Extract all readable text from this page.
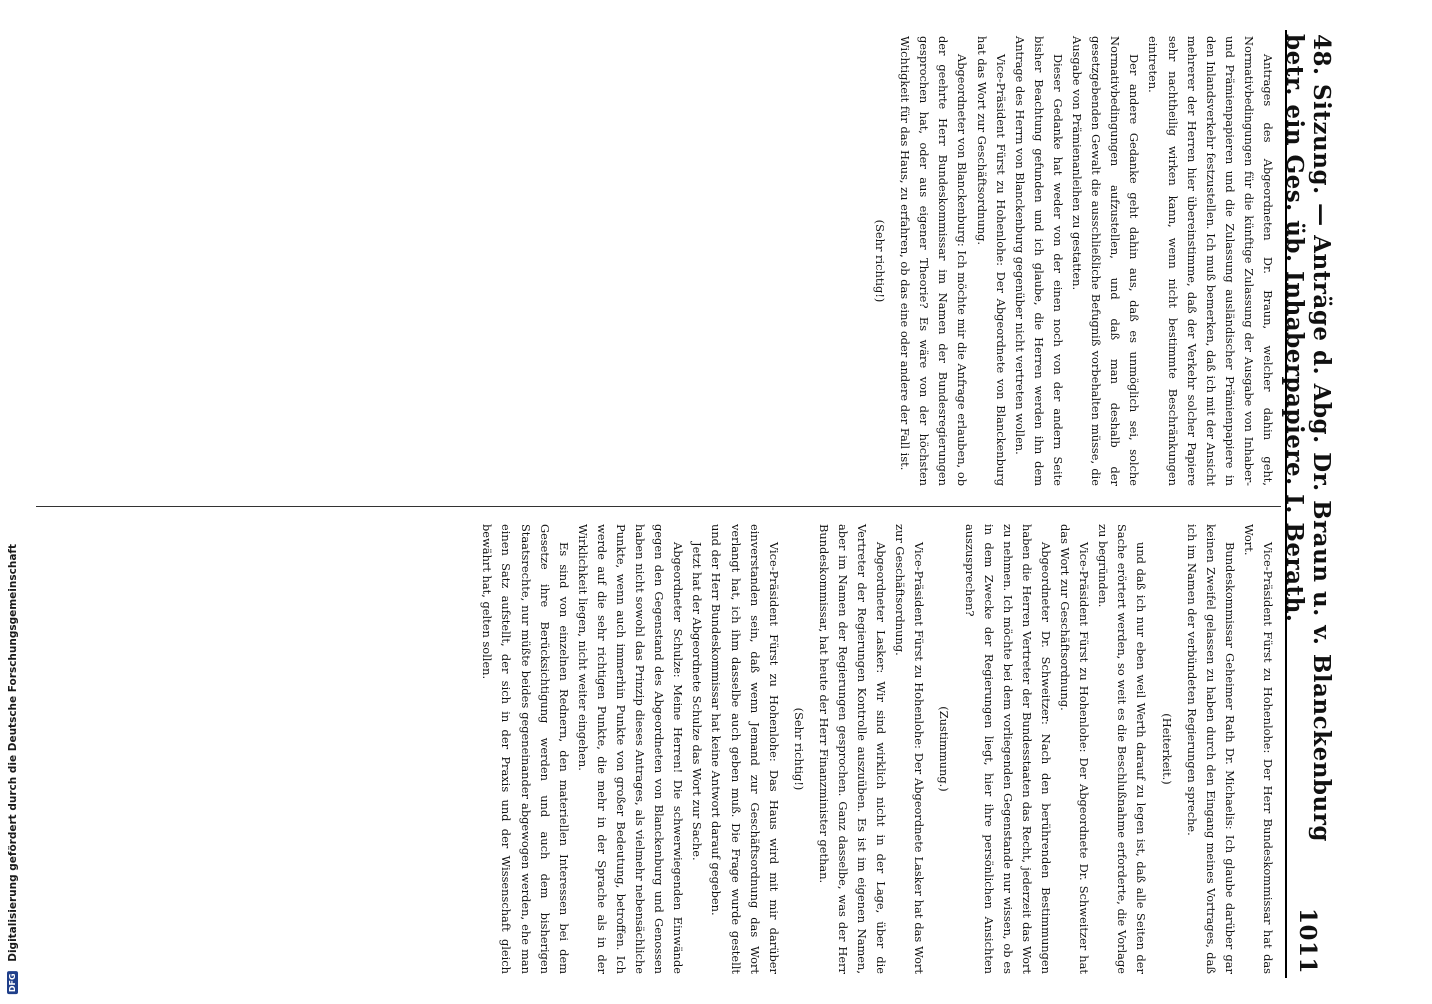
48. Sitzung. — Anträge d. Abg. Dr. Braun u. v. Blanckenburg betr. ein Ges. üb. Inhaberpapiere. I. Berath.
1011

Antrages des Abgeordneten Dr. Braun, welcher dahin geht, Normativbedingungen für die künftige Zulassung der Ausgabe von Inhaber- und Prämienpapieren und die Zulassung ausländischer Prämienpapiere in den Inlandsverkehr festzustellen. Ich muß bemerken, daß ich mit der Ansicht mehrerer der Herren hier übereinstimme, daß der Verkehr solcher Papiere sehr nachtheilig wirken kann, wenn nicht bestimmte Beschränkungen eintreten.

Der andere Gedanke geht dahin aus, daß es unmöglich sei, solche Normativbedingungen aufzustellen, und daß man deshalb der gesetzgebenden Gewalt die ausschließliche Befugniß vorbehalten müsse, die Ausgabe von Prämienanleihen zu gestatten.

Dieser Gedanke hat weder von der einen noch von der andern Seite bisher Beachtung gefunden und ich glaube, die Herren werden ihn dem Antrage des Herrn von Blanckenburg gegenüber nicht vertreten wollen.

Vice-Präsident Fürst zu Hohenlohe: Der Abgeordnete von Blanckenburg hat das Wort zur Geschäftsordnung.

Abgeordneter von Blanckenburg: Ich möchte mir die Anfrage erlauben, ob der geehrte Herr Bundeskommissar im Namen der Bundesregierungen gesprochen hat, oder aus eigener Theorie? Es wäre von der höchsten Wichtigkeit für das Haus, zu erfahren, ob das eine oder andere der Fall ist.

(Sehr richtig!)

Vice-Präsident Fürst zu Hohenlohe: Der Herr Bundeskommissar hat das Wort.

Bundeskommissar Geheimer Rath Dr. Michaelis: Ich glaube darüber gar keinen Zweifel gelassen zu haben durch den Eingang meines Vortrages, daß ich im Namen der verbündeten Regierungen spreche.

(Heiterkeit.)

und daß ich nur eben weil Werth darauf zu legen ist, daß alle Seiten der Sache erörtert werden, so weit es die Beschlußnahme erforderte, die Vorlage zu begründen.

Vice-Präsident Fürst zu Hohenlohe: Der Abgeordnete Dr. Schweitzer hat das Wort zur Geschäftsordnung.

Abgeordneter Dr. Schweitzer: Nach den berührenden Bestimmungen haben die Herren Vertreter der Bundesstaaten das Recht, jederzeit das Wort zu nehmen. Ich möchte bei dem vorliegenden Gegenstande nur wissen, ob es in dem Zwecke der Regierungen liegt, hier ihre persönlichen Ansichten auszusprechen?

(Zustimmung.)

Vice-Präsident Fürst zu Hohenlohe: Der Abgeordnete Lasker hat das Wort zur Geschäftsordnung.

Abgeordneter Lasker: Wir sind wirklich nicht in der Lage, über die Vertreter der Regierungen Kontrolle auszuüben. Es ist im eigenen Namen, aber im Namen der Regierungen gesprochen. Ganz dasselbe, was der Herr Bundeskommissar, hat heute der Herr Finanzminister gethan.

(Sehr richtig!)

Vice-Präsident Fürst zu Hohenlohe: Das Haus wird mit mir darüber einverstanden sein, daß wenn Jemand zur Geschäftsordnung das Wort verlangt hat, ich ihm dasselbe auch geben muß. Die Frage wurde gestellt und der Herr Bundeskommissar hat keine Antwort darauf gegeben.

Jetzt hat der Abgeordnete Schulze das Wort zur Sache.

Abgeordneter Schulze: Meine Herren! Die schwerwiegenden Einwände gegen den Gegenstand des Abgeordneten von Blanckenburg und Genossen haben nicht sowohl das Prinzip dieses Antrages, als vielmehr nebensächliche Punkte, wenn auch immerhin Punkte von großer Bedeutung, betroffen. Ich werde auf die sehr richtigen Punkte, die mehr in der Sprache als in der Wirklichkeit liegen, nicht weiter eingehen.

Es sind von einzelnen Rednern, den materiellen Interessen bei dem Gesetze ihre Berücksichtigung werden und auch dem bisherigen Staatsrechte, nur müßte beides gegeneinander abgewogen werden, ehe man einen Satz aufstellt, der sich in der Praxis und der Wissenschaft gleich bewährt hat, gelten sollen.

DFG Digitalisierung gefördert durch die Deutsche Forschungsgemeinschaft
